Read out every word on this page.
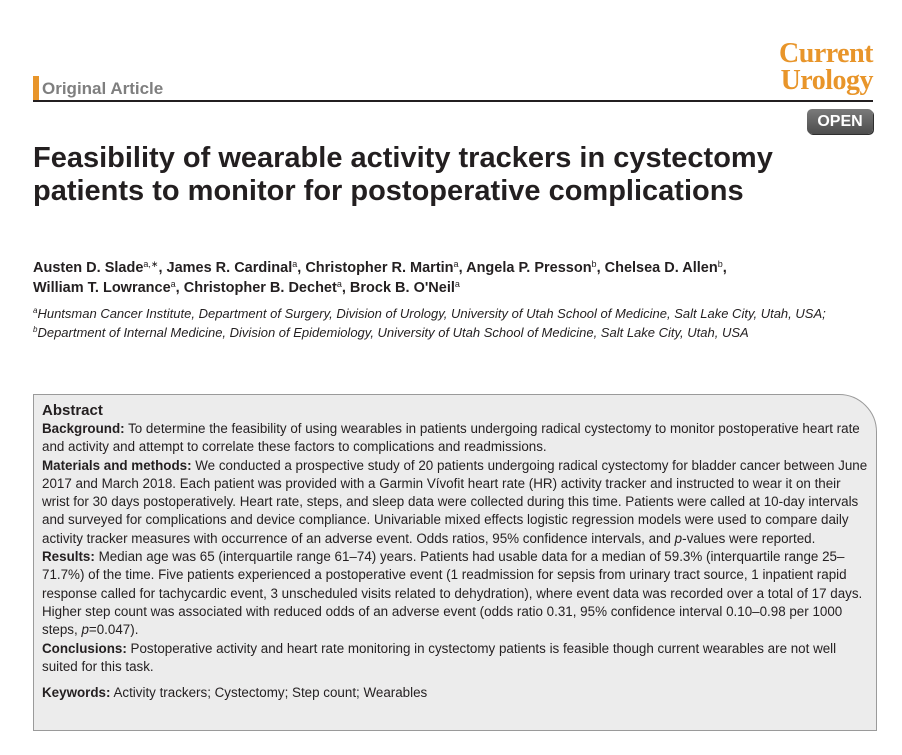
Original Article
Current
Urology
OPEN
Feasibility of wearable activity trackers in cystectomy patients to monitor for postoperative complications
Austen D. Slade$^{a,∗}$, James R. Cardinal$^a$, Christopher R. Martin$^a$, Angela P. Presson$^b$, Chelsea D. Allen$^b$,
William T. Lowrance$^a$, Christopher B. Dechet$^a$, Brock B. O'Neil$^a$
$^a$Huntsman Cancer Institute, Department of Surgery, Division of Urology, University of Utah School of Medicine, Salt Lake City, Utah, USA; $^b$Department of Internal Medicine, Division of Epidemiology, University of Utah School of Medicine, Salt Lake City, Utah, USA
Abstract
Background: To determine the feasibility of using wearables in patients undergoing radical cystectomy to monitor postoperative heart rate and activity and attempt to correlate these factors to complications and readmissions.
Materials and methods: We conducted a prospective study of 20 patients undergoing radical cystectomy for bladder cancer between June 2017 and March 2018. Each patient was provided with a Garmin Vívofit heart rate (HR) activity tracker and instructed to wear it on their wrist for 30 days postoperatively. Heart rate, steps, and sleep data were collected during this time. Patients were called at 10-day intervals and surveyed for complications and device compliance. Univariable mixed effects logistic regression models were used to compare daily activity tracker measures with occurrence of an adverse event. Odds ratios, 95% confidence intervals, and p-values were reported.
Results: Median age was 65 (interquartile range 61–74) years. Patients had usable data for a median of 59.3% (interquartile range 25–71.7%) of the time. Five patients experienced a postoperative event (1 readmission for sepsis from urinary tract source, 1 inpatient rapid response called for tachycardic event, 3 unscheduled visits related to dehydration), where event data was recorded over a total of 17 days. Higher step count was associated with reduced odds of an adverse event (odds ratio 0.31, 95% confidence interval 0.10–0.98 per 1000 steps, p=0.047).
Conclusions: Postoperative activity and heart rate monitoring in cystectomy patients is feasible though current wearables are not well suited for this task.
Keywords: Activity trackers; Cystectomy; Step count; Wearables
